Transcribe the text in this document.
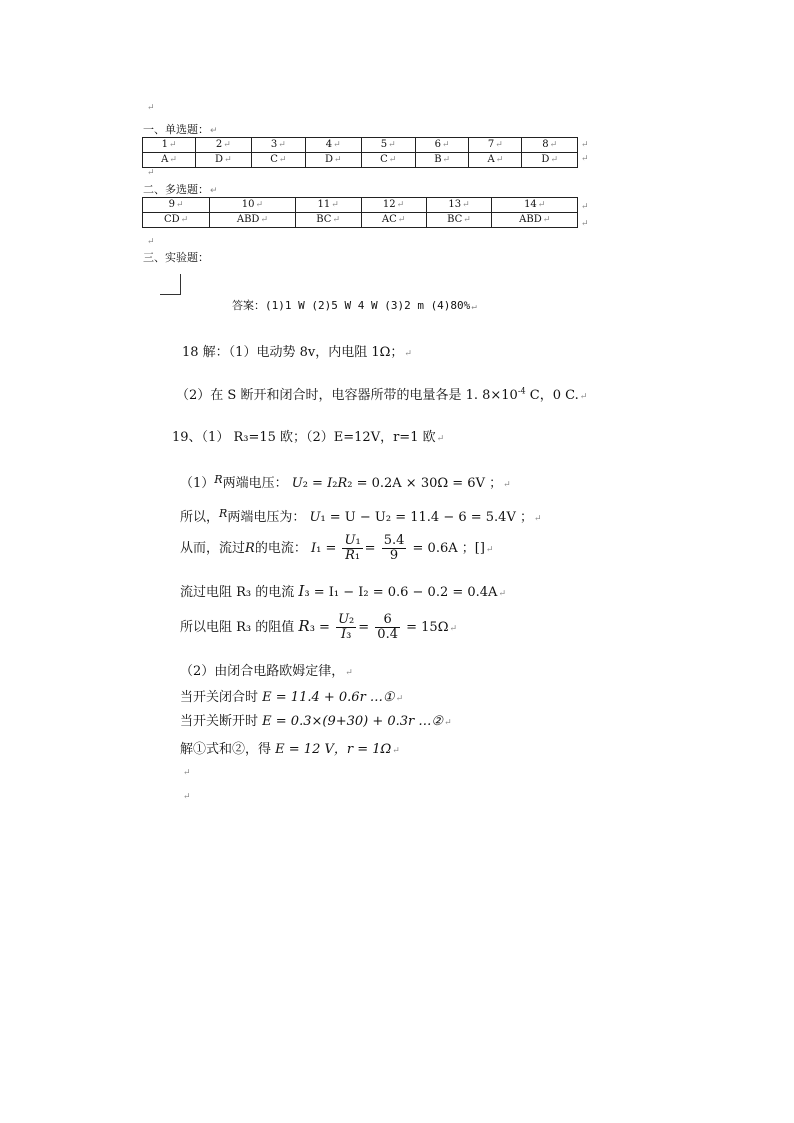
↵
一、单选题：↵
1↵	2↵	3↵	4↵	5↵	6↵	7↵	8↵
A↵	D↵	C↵	D↵	C↵	B↵	A↵	D↵
↵
↵
↵
二、多选题：↵
9↵	10↵	11↵	12↵	13↵	14↵
CD↵	ABD↵	BC↵	AC↵	BC↵	ABD↵
↵
↵
↵
三、实验题：
答案：(1)1 W (2)5 W 4 W (3)2 m (4)80%↵
18 解：（1）电动势 8v，内电阻 1Ω；↵
（2）在 S 断开和闭合时，电容器所带的电量各是 1. $8\times 10^{-4}$ C，0 C.↵
19、（1） R₃=15 欧；（2）E=12V，r=1 欧↵
$(1)^R$两端电压： U₂ = I₂R₂ = 0.2A × 30Ω = 6V ；↵
所以，$^R$两端电压为： U₁ = U − U₂ = 11.4 − 6 = 5.4V ；↵
从而，流过R的电流： $I_1 = \frac{\text{U₁}}{\text{R₁}} = \frac{5.4}{9} = 0.6A$ ；[]↵
流过电阻 R₃ 的电流 I₃ = I₁ − I₂ = 0.6 − 0.2 = 0.4A↵
所以电阻 R₃ 的阻值 $R_3 = \frac{\text{U₂}}{\text{I₃}} = \frac{6}{0.4}$ = 15Ω↵
（2）由闭合电路欧姆定律，↵
当开关闭合时 E = 11.4 + 0.6r …①↵
当开关断开时 E = 0.3×(9+30) + 0.3r …②↵
解①式和②，得 E = 12 V，r = 1Ω↵
↵
↵
